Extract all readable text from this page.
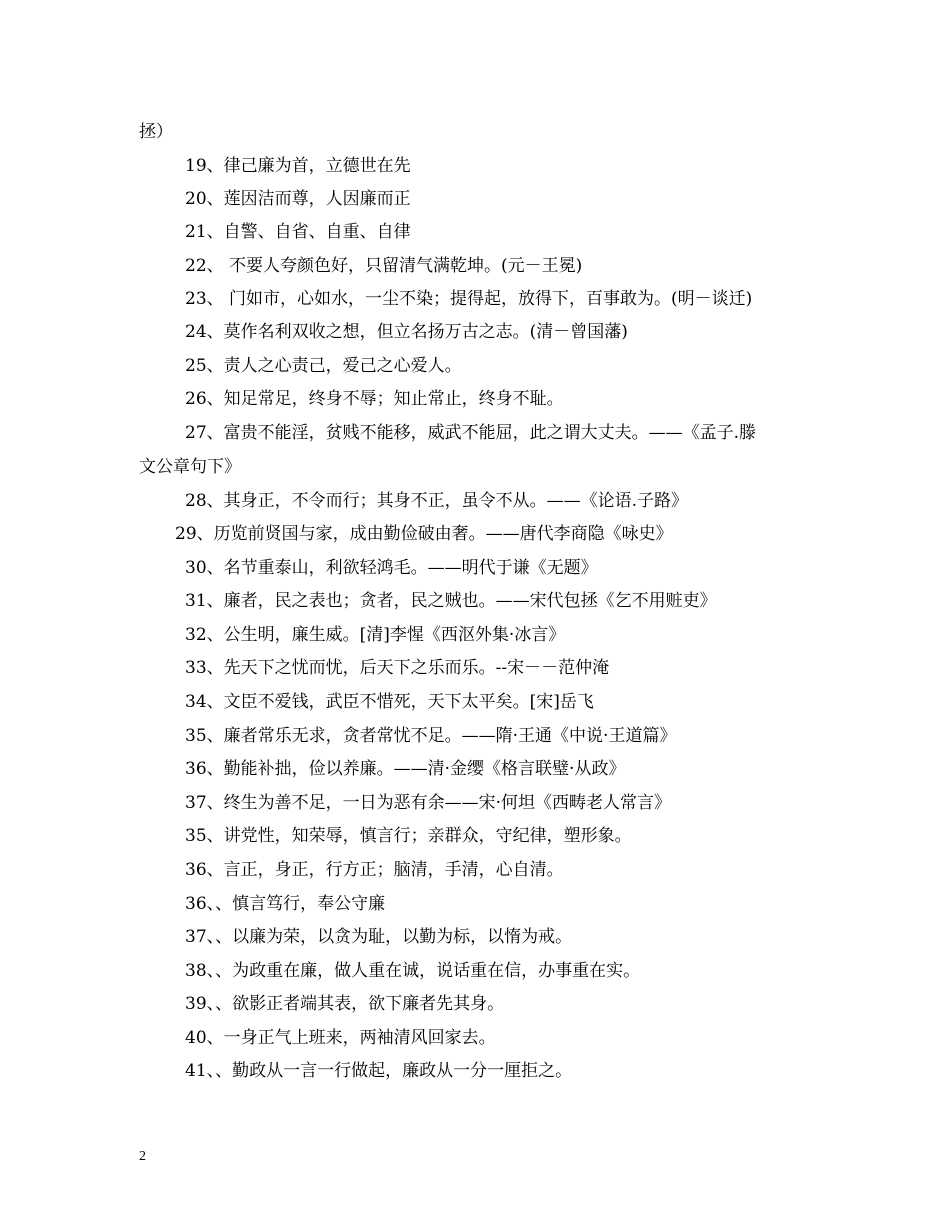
拯）
19、律己廉为首，立德世在先
20、莲因洁而尊，人因廉而正
21、自警、自省、自重、自律
22、 不要人夸颜色好，只留清气满乾坤。(元－王冕)
23、 门如市，心如水，一尘不染；提得起，放得下，百事敢为。(明－谈迁)
24、莫作名利双收之想，但立名扬万古之志。(清－曾国藩)
25、责人之心责己，爱己之心爱人。
26、知足常足，终身不辱；知止常止，终身不耻。
27、富贵不能淫，贫贱不能移，威武不能屈，此之谓大丈夫。——《孟子.滕
文公章句下》
28、其身正，不令而行；其身不正，虽令不从。——《论语.子路》
29、历览前贤国与家，成由勤俭破由奢。——唐代李商隐《咏史》
30、名节重泰山，利欲轻鸿毛。——明代于谦《无题》
31、廉者，民之表也；贪者，民之贼也。——宋代包拯《乞不用赃吏》
32、公生明，廉生威。[清]李惺《西沤外集·冰言》
33、先天下之忧而忧，后天下之乐而乐。--宋－－范仲淹
34、文臣不爱钱，武臣不惜死，天下太平矣。[宋]岳飞
35、廉者常乐无求，贪者常忧不足。——隋·王通《中说·王道篇》
36、勤能补拙，俭以养廉。——清·金缨《格言联璧·从政》
37、终生为善不足，一日为恶有余——宋·何坦《西畴老人常言》
35、讲党性，知荣辱，慎言行；亲群众，守纪律，塑形象。
36、言正，身正，行方正；脑清，手清，心自清。
36、、慎言笃行，奉公守廉
37、、以廉为荣，以贪为耻，以勤为标，以惰为戒。
38、、为政重在廉，做人重在诚，说话重在信，办事重在实。
39、、欲影正者端其表，欲下廉者先其身。
40、一身正气上班来，两袖清风回家去。
41、、勤政从一言一行做起，廉政从一分一厘拒之。
2
